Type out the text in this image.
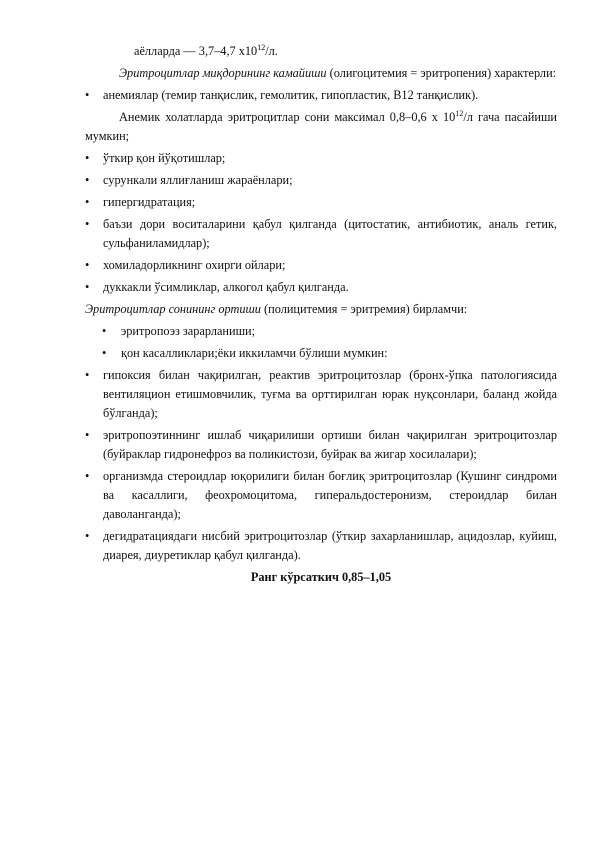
аёлларда — 3,7–4,7 $x10^{12}/л$.

Эритроцитлар миқдорининг камайиши (олигоцитемия = эритропения) характерли:

•	анемиялар (темир танқислик, гемолитик, гипопластик, B12 танқислик).

Анемик холатларда эритроцитлар сони максимал 0,8–0,6 x $10^{12}/л$ гача пасайиши мумкин;

•	ўткир қон йўқотишлар;
•	сурункали яллиғланиш жараёнлари;
•	гипергидратация;
•	баъзи дори воситаларини қабул қилганда (цитостатик, антибиотик, аналь гетик, сульфаниламидлар);
•	хомиладорликнинг охирги ойлари;
•	дуккакли ўсимликлар, алкогол қабул қилганда.

Эритроцитлар сонининг ортиши (полицитемия = эритремия) бирламчи:

•	эритропоэз зарарланиши;
•	қон касалликлари;ёки иккиламчи бўлиши мумкин:
•	гипоксия билан чақирилган, реактив эритроцитозлар (бронх-ўпка патологиясида вентиляцион етишмовчилик, туғма ва орттирилган юрак нуқсонлари, баланд жойда бўлганда);
•	эритропоэтиннинг ишлаб чиқарилиши ортиши билан чақирилган эритроцитозлар (буйраклар гидронефроз ва поликистози, буйрак ва жигар хосилалари);
•	организмда стероидлар юқорилиги билан боғлиқ эритроцитозлар (Кушинг синдроми ва касаллиги, феохромоцитома, гиперальдостеронизм, стероидлар билан даволанганда);
•	дегидратациядаги нисбий эритроцитозлар (ўткир захарланишлар, ацидозлар, куйиш, диарея, диуретиклар қабул қилганда).

Ранг кўрсаткич 0,85–1,05
